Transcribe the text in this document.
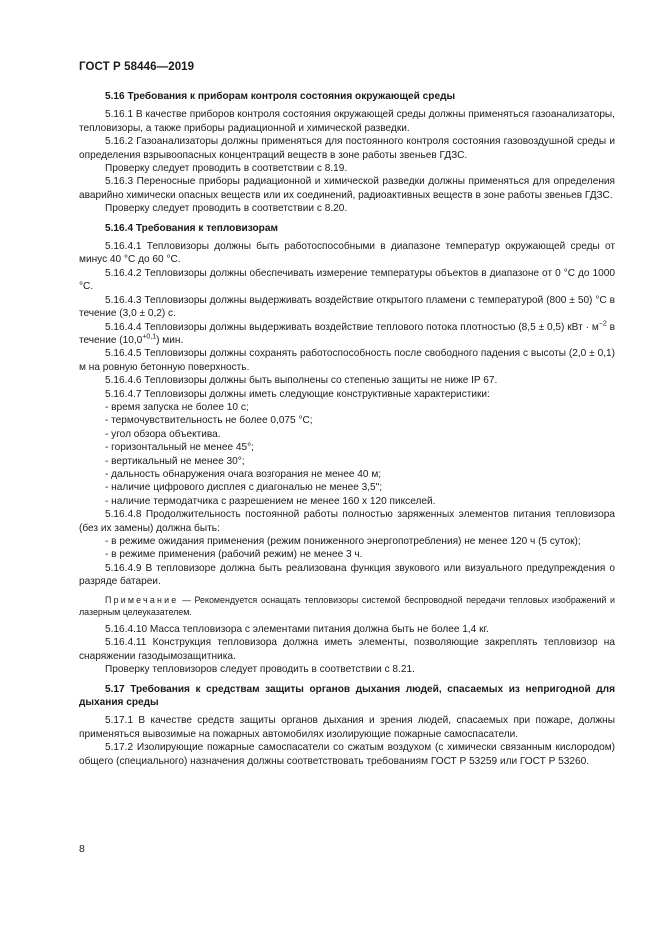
ГОСТ Р 58446—2019

5.16 Требования к приборам контроля состояния окружающей среды

5.16.1 В качестве приборов контроля состояния окружающей среды должны применяться газоанализаторы, тепловизоры, а также приборы радиационной и химической разведки.

5.16.2 Газоанализаторы должны применяться для постоянного контроля состояния газовоздушной среды и определения взрывоопасных концентраций веществ в зоне работы звеньев ГДЗС.

Проверку следует проводить в соответствии с 8.19.

5.16.3 Переносные приборы радиационной и химической разведки должны применяться для определения аварийно химически опасных веществ или их соединений, радиоактивных веществ в зоне работы звеньев ГДЗС.

Проверку следует проводить в соответствии с 8.20.

5.16.4 Требования к тепловизорам

5.16.4.1 Тепловизоры должны быть работоспособными в диапазоне температур окружающей среды от минус 40 °С до 60 °С.

5.16.4.2 Тепловизоры должны обеспечивать измерение температуры объектов в диапазоне от 0 °С до 1000 °С.

5.16.4.3 Тепловизоры должны выдерживать воздействие открытого пламени с температурой (800 ± 50) °С в течение (3,0 ± 0,2) с.

5.16.4.4 Тепловизоры должны выдерживать воздействие теплового потока плотностью (8,5 ± 0,5) кВт · $м^{-2}$ в течение $(10,0^{+0,1})$ мин.

5.16.4.5 Тепловизоры должны сохранять работоспособность после свободного падения с высоты (2,0 ± 0,1) м на ровную бетонную поверхность.

5.16.4.6 Тепловизоры должны быть выполнены со степенью защиты не ниже IP 67.

5.16.4.7 Тепловизоры должны иметь следующие конструктивные характеристики:

- время запуска не более 10 с;

- термочувствительность не более 0,075 °С;

- угол обзора объектива.

- горизонтальный не менее 45°;

- вертикальный не менее 30°;

- дальность обнаружения очага возгорания не менее 40 м;

- наличие цифрового дисплея с диагональю не менее 3,5";

- наличие термодатчика с разрешением не менее 160 х 120 пикселей.

5.16.4.8 Продолжительность постоянной работы полностью заряженных элементов питания тепловизора (без их замены) должна быть:

- в режиме ожидания применения (режим пониженного энергопотребления) не менее 120 ч (5 суток);

- в режиме применения (рабочий режим) не менее 3 ч.

5.16.4.9 В тепловизоре должна быть реализована функция звукового или визуального предупреждения о разряде батареи.

Примечание — Рекомендуется оснащать тепловизоры системой беспроводной передачи тепловых изображений и лазерным целеуказателем.

5.16.4.10 Масса тепловизора с элементами питания должна быть не более 1,4 кг.

5.16.4.11 Конструкция тепловизора должна иметь элементы, позволяющие закреплять тепловизор на снаряжении газодымозащитника.

Проверку тепловизоров следует проводить в соответствии с 8.21.

5.17 Требования к средствам защиты органов дыхания людей, спасаемых из непригодной для дыхания среды

5.17.1 В качестве средств защиты органов дыхания и зрения людей, спасаемых при пожаре, должны применяться вывозимые на пожарных автомобилях изолирующие пожарные самоспасатели.

5.17.2 Изолирующие пожарные самоспасатели со сжатым воздухом (с химически связанным кислородом) общего (специального) назначения должны соответствовать требованиям ГОСТ Р 53259 или ГОСТ Р 53260.

8
